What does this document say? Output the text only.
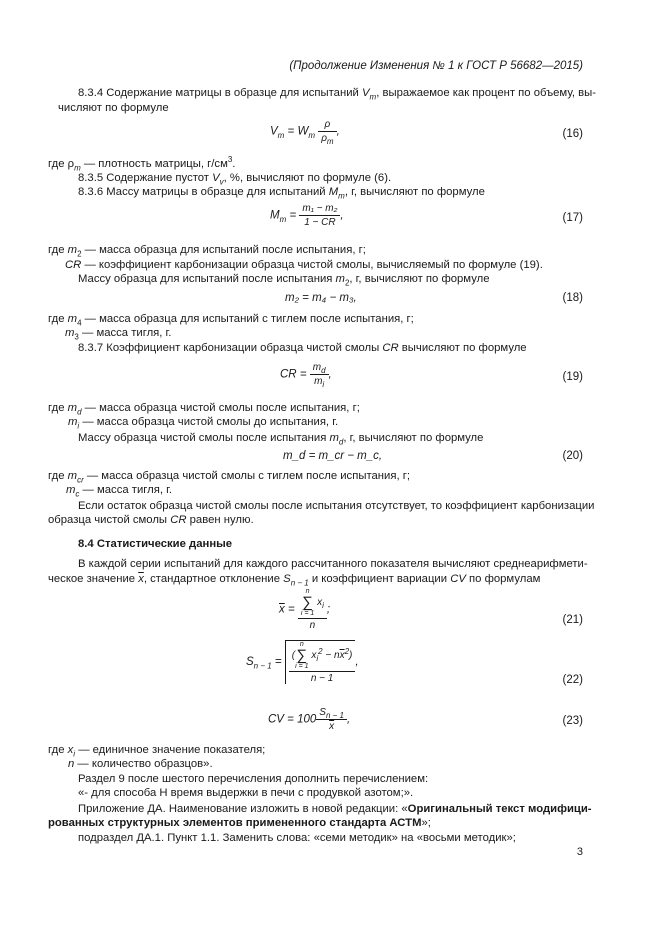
(Продолжение Изменения № 1 к ГОСТ Р 56682—2015)
8.3.4 Содержание матрицы в образце для испытаний $V_m$, выражаемое как процент по объему, вы-
числяют по формуле
$V_m = W_m \frac{\rho}{\rho_m}$ ,	(16)
где $\rho_m$ — плотность матрицы, $г/см^3$.
8.3.5 Содержание пустот $V_v$, %, вычисляют по формуле (6).
8.3.6 Массу матрицы в образце для испытаний $M_m$, г, вычисляют по формуле
$M_m = \frac{\text{m₁ − m₂}}{1 - CR}$ ,	(17)
где $m_2$ — масса образца для испытаний после испытания, г;
CR — коэффициент карбонизации образца чистой смолы, вычисляемый по формуле (19).
Массу образца для испытаний после испытания $m_2$, г, вычисляют по формуле
m₂ = m₄ − m₃,	(18)
где $m_4$ — масса образца для испытаний с тиглем после испытания, г;
$m_3$ — масса тигля, г.
8.3.7 Коэффициент карбонизации образца чистой смолы CR вычисляют по формуле
CR = $\frac{m_d}{m_i}$ ,	(19)
где $m_d$ — масса образца чистой смолы после испытания, г;
$m_i$ — масса образца чистой смолы до испытания, г.
Массу образца чистой смолы после испытания $m_d$, г, вычисляют по формуле
m_d = m_cr − m_c,	(20)
где $m_{cr}$ — масса образца чистой смолы с тиглем после испытания, г;
$m_c$ — масса тигля, г.
Если остаток образца чистой смолы после испытания отсутствует, то коэффициент карбонизации
образца чистой смолы CR равен нулю.
8.4 Статистические данные
В каждой серии испытаний для каждого рассчитанного показателя вычисляют среднеарифмети-
ческое значение $\overline{x}$, стандартное отклонение $S_{n - 1}$ и коэффициент вариации CV по формулам
$\overline{x} = n$
∑
i = 1
$x_i$
n ;
(21)
$S_{n - 1}$ = (
n
∑
i = 1
$x_i^2 - n\overline{x}^2$)
n − 1 ,
(22)
CV = $100 \frac{S_{n - 1}}{x}$ ,	(23)
где $x_i$ — единичное значение показателя;
n — количество образцов».
Раздел 9 после шестого перечисления дополнить перечислением:
«- для способа Н время выдержки в печи с продувкой азотом;».
Приложение ДА. Наименование изложить в новой редакции: «Оригинальный текст модифици-
рованных структурных элементов примененного стандарта АСТМ»;
подраздел ДА.1. Пункт 1.1. Заменить слова: «семи методик» на «восьми методик»;
3
